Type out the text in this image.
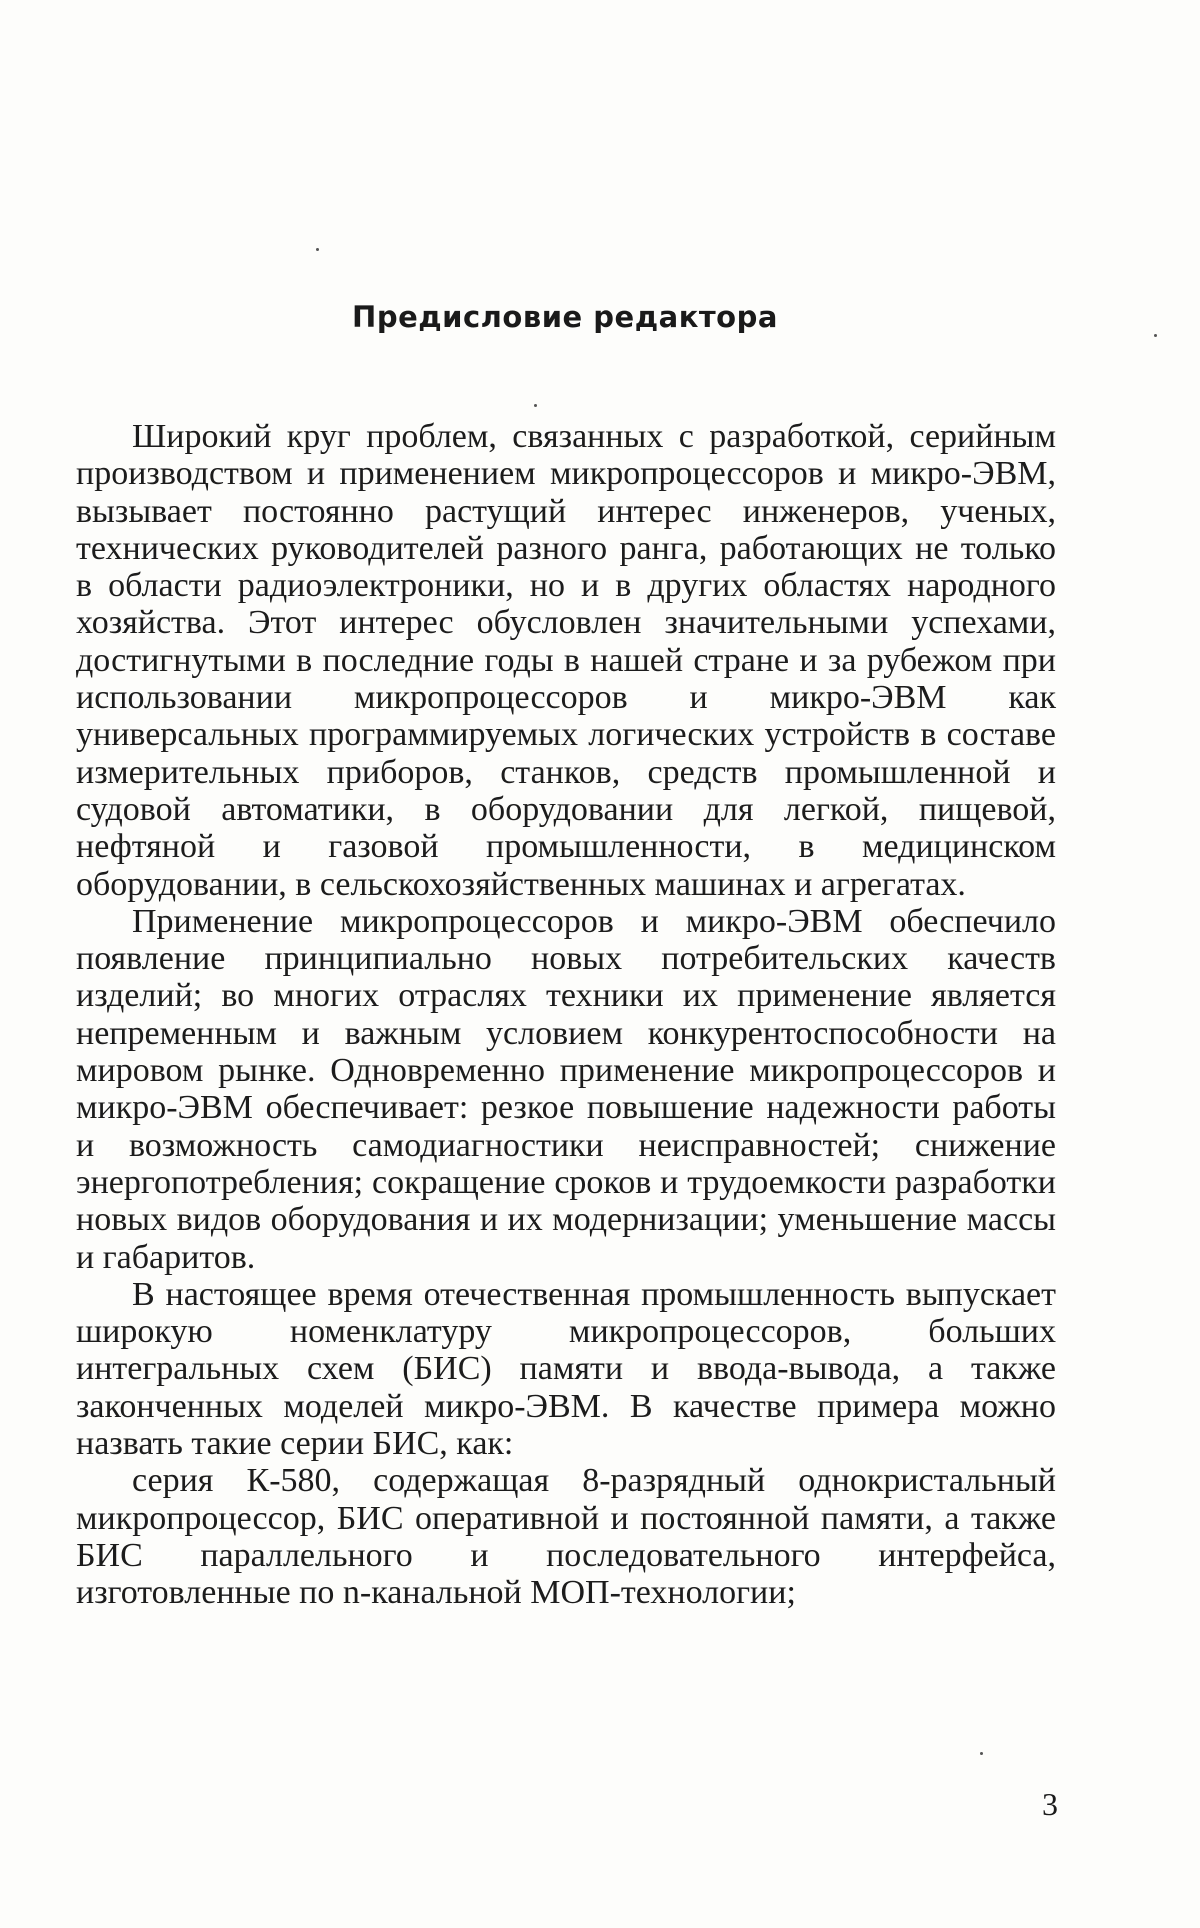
Предисловие редактора

Широкий круг проблем, связанных с разработкой, серийным производством и применением микропроцессоров и микро-ЭВМ, вызывает постоянно растущий интерес инженеров, ученых, технических руководителей разного ранга, работающих не только в области радиоэлектроники, но и в других областях народного хозяйства. Этот интерес обусловлен значительными успехами, достигнутыми в последние годы в нашей стране и за рубежом при использовании микропроцессоров и микро-ЭВМ как универсальных программируемых логических устройств в составе измерительных приборов, станков, средств промышленной и судовой автоматики, в оборудовании для легкой, пищевой, нефтяной и газовой промышленности, в медицинском оборудовании, в сельскохозяйственных машинах и агрегатах.

Применение микропроцессоров и микро-ЭВМ обеспечило появление принципиально новых потребительских качеств изделий; во многих отраслях техники их применение является непременным и важным условием конкурентоспособности на мировом рынке. Одновременно применение микропроцессоров и микро-ЭВМ обеспечивает: резкое повышение надежности работы и возможность самодиагностики неисправностей; снижение энергопотребления; сокращение сроков и трудоемкости разработки новых видов оборудования и их модернизации; уменьшение массы и габаритов.

В настоящее время отечественная промышленность выпускает широкую номенклатуру микропроцессоров, больших интегральных схем (БИС) памяти и ввода-вывода, а также законченных моделей микро-ЭВМ. В качестве примера можно назвать такие серии БИС, как:

серия К-580, содержащая 8-разрядный однокристальный микропроцессор, БИС оперативной и постоянной памяти, а также БИС параллельного и последовательного интерфейса, изготовленные по n-канальной МОП-технологии;

3
